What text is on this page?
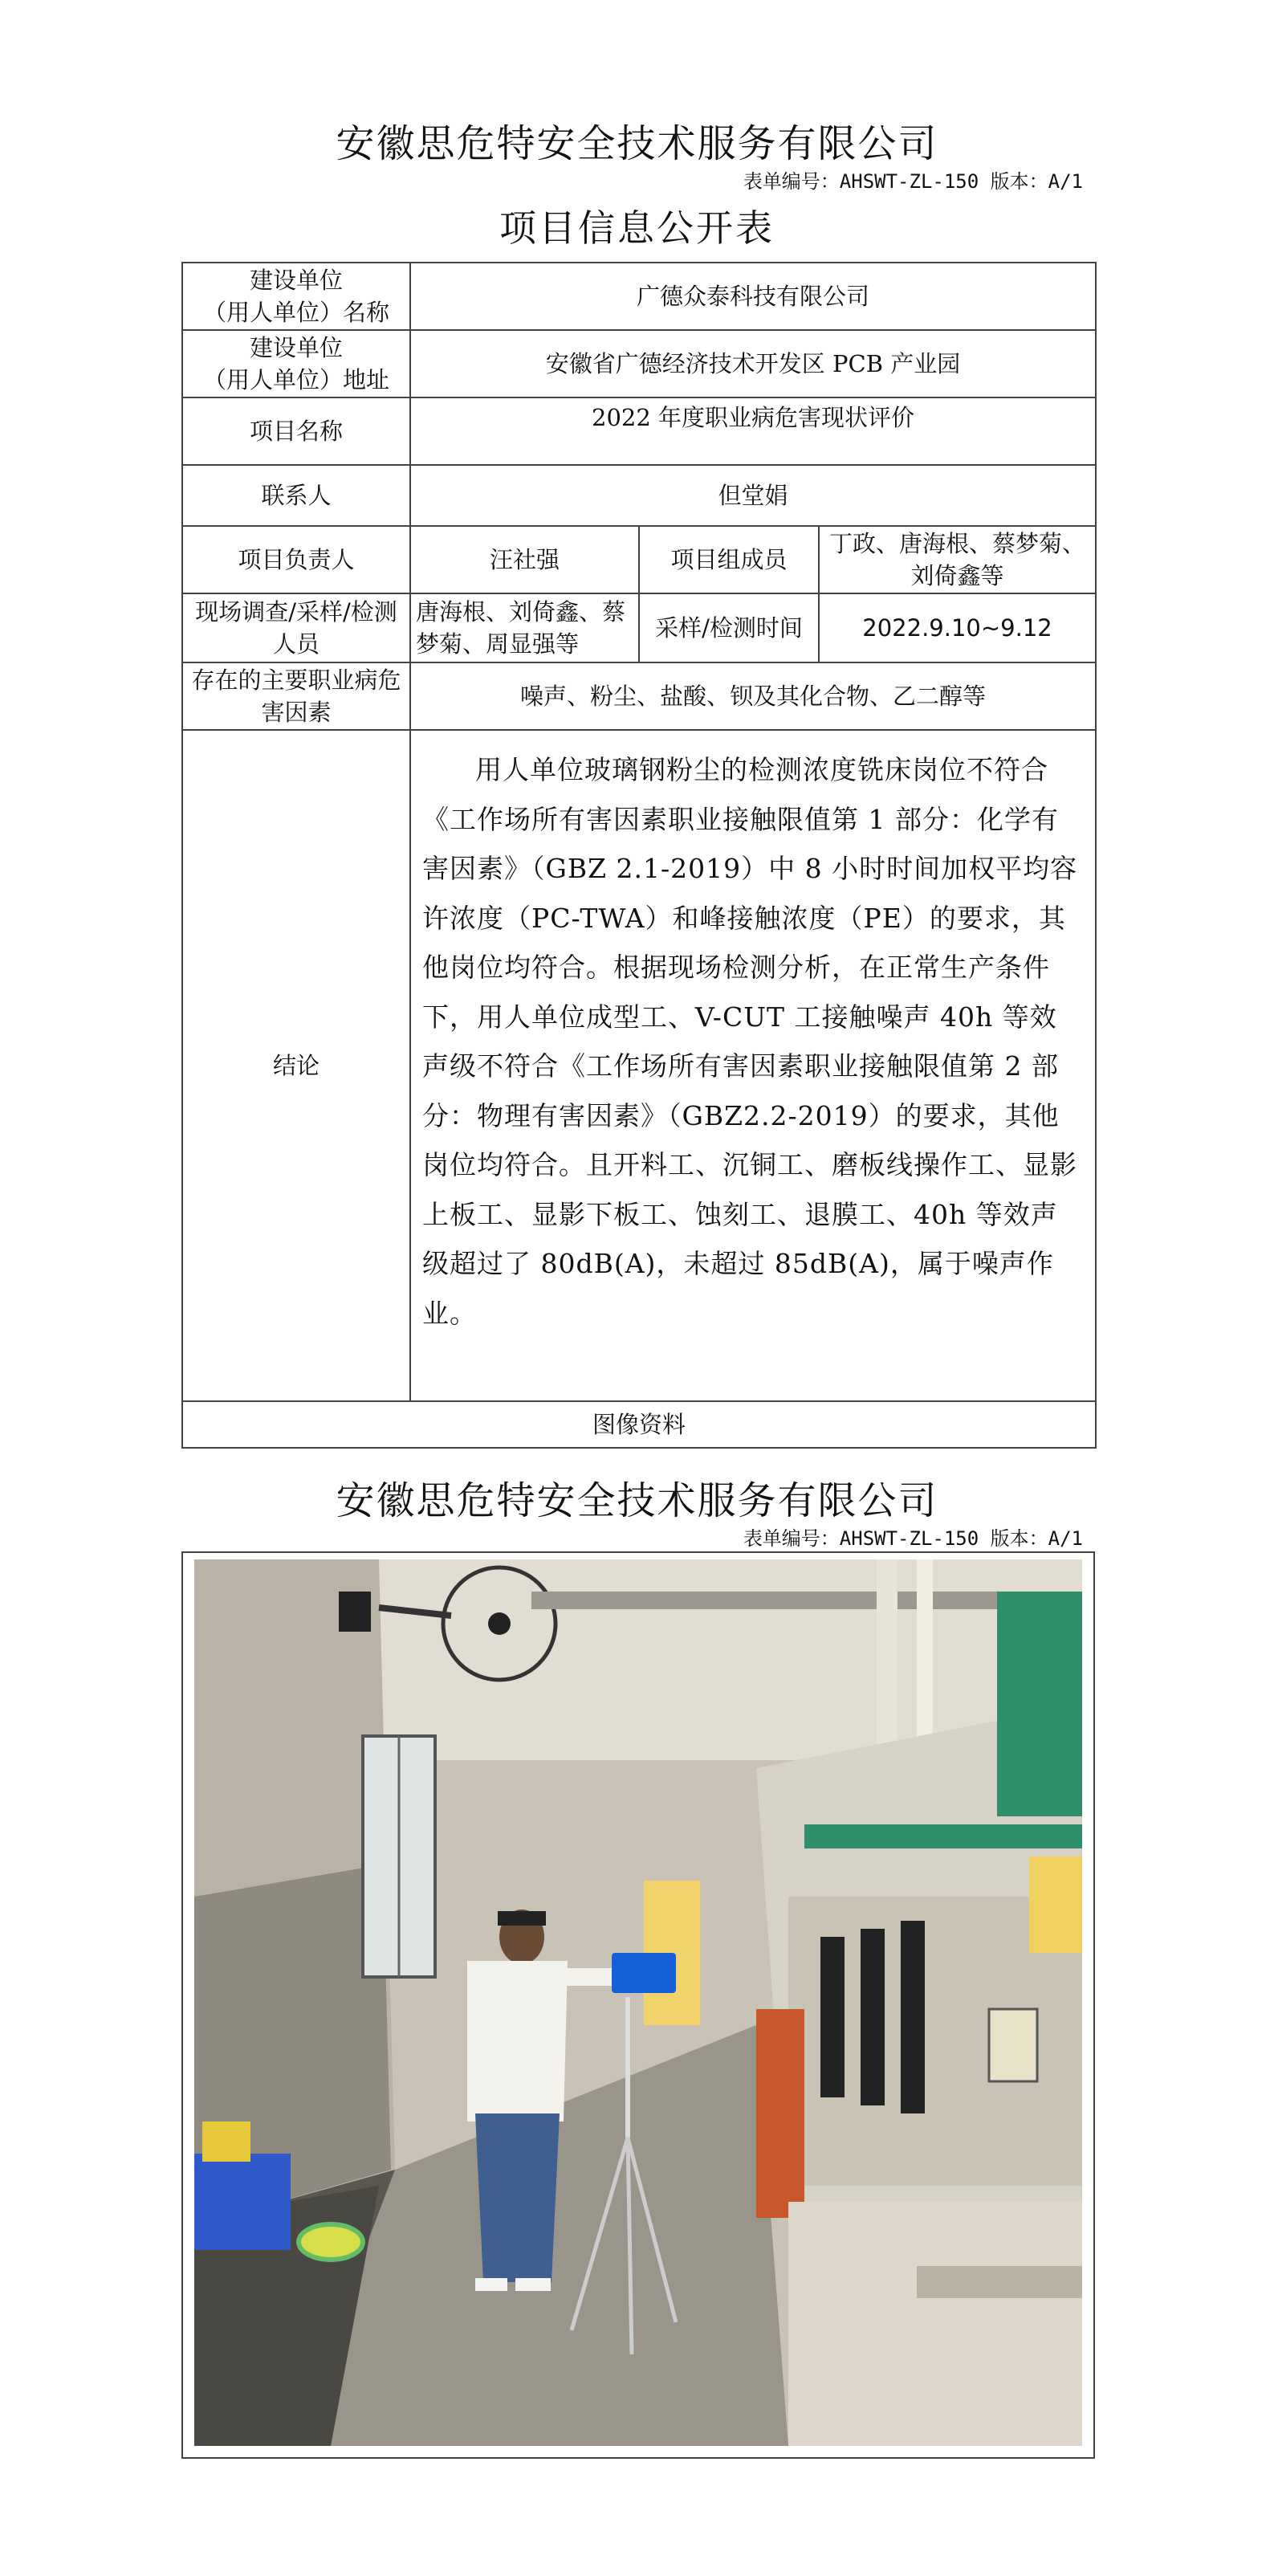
安徽思危特安全技术服务有限公司
表单编号：AHSWT-ZL-150 版本：A/1
项目信息公开表
建设单位
（用人单位）名称	广德众泰科技有限公司		

建设单位
（用人单位）地址	安徽省广德经济技术开发区 PCB 产业园		
项目名称	2022 年度职业病危害现状评价		
联系人	但堂娟		
项目负责人	汪社强	项目组成员	丁政、唐海根、蔡梦菊、刘倚鑫等
现场调查/采样/检测人员	唐海根、刘倚鑫、蔡梦菊、周显强等	采样/检测时间	2022.9.10~9.12
存在的主要职业病危害因素	噪声、粉尘、盐酸、钡及其化合物、乙二醇等		
结论	用人单位玻璃钢粉尘的检测浓度铣床岗位不符合《工作场所有害因素职业接触限值第 1 部分：化学有害因素》（GBZ 2.1-2019）中 8 小时时间加权平均容许浓度（PC-TWA）和峰接触浓度（PE）的要求，其他岗位均符合。根据现场检测分析，在正常生产条件下，用人单位成型工、V-CUT 工接触噪声 40h 等效声级不符合《工作场所有害因素职业接触限值第 2 部分：物理有害因素》（GBZ2.2-2019）的要求，其他岗位均符合。且开料工、沉铜工、磨板线操作工、显影上板工、显影下板工、蚀刻工、退膜工、40h 等效声级超过了 80dB(A)，未超过 85dB(A)，属于噪声作业。		
图像资料			
安徽思危特安全技术服务有限公司
表单编号：AHSWT-ZL-150 版本：A/1
